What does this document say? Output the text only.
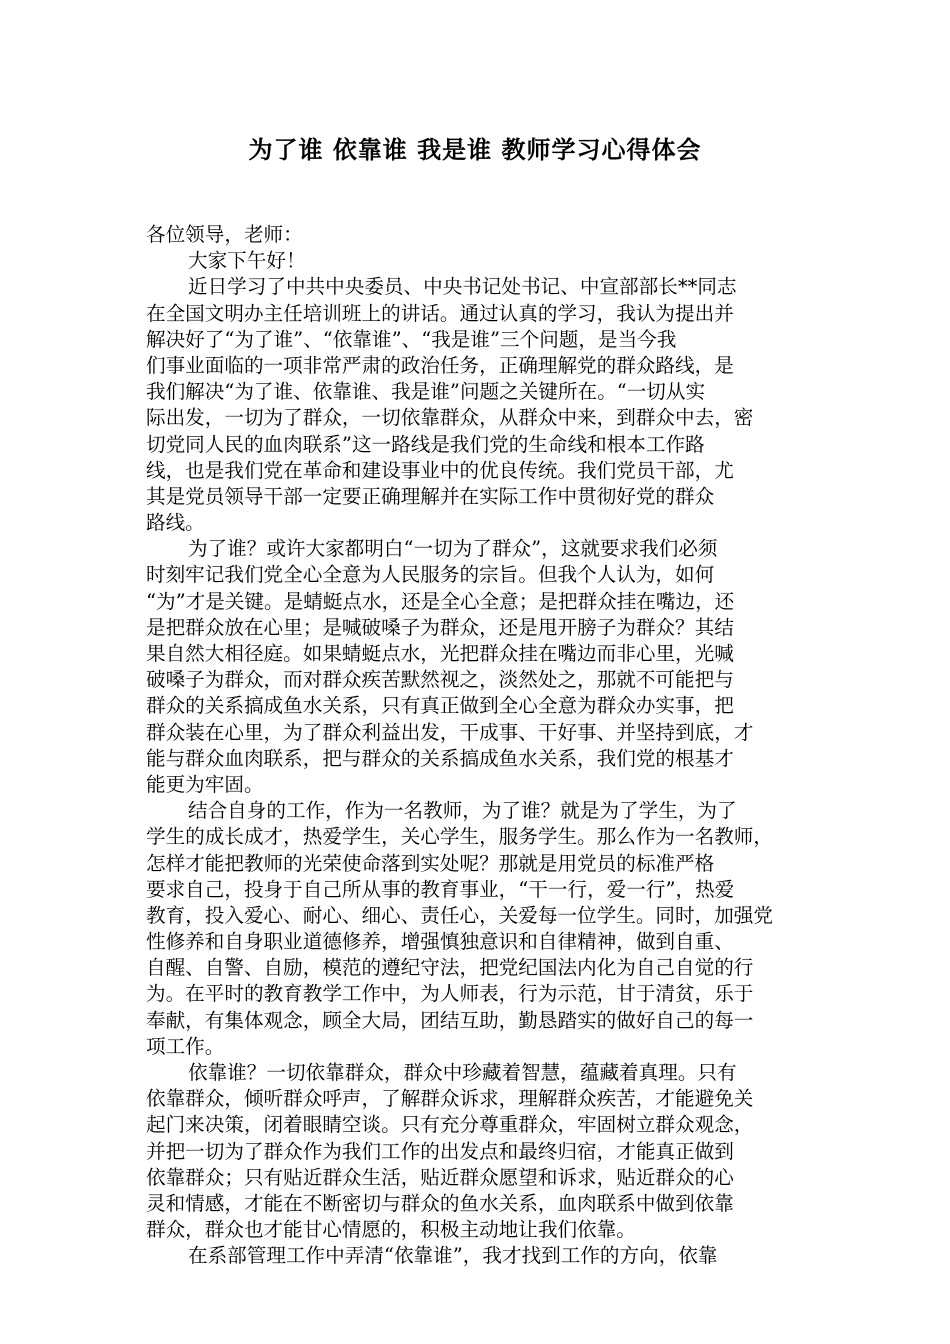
为了谁 依靠谁 我是谁 教师学习心得体会
各位领导，老师：
大家下午好！
近日学习了中共中央委员、中央书记处书记、中宣部部长**同志
在全国文明办主任培训班上的讲话。通过认真的学习，我认为提出并
解决好了“为了谁”、“依靠谁”、“我是谁”三个问题，是当今我
们事业面临的一项非常严肃的政治任务，正确理解党的群众路线，是
我们解决“为了谁、依靠谁、我是谁”问题之关键所在。“一切从实
际出发，一切为了群众，一切依靠群众，从群众中来，到群众中去，密
切党同人民的血肉联系”这一路线是我们党的生命线和根本工作路
线，也是我们党在革命和建设事业中的优良传统。我们党员干部，尤
其是党员领导干部一定要正确理解并在实际工作中贯彻好党的群众
路线。
为了谁？或许大家都明白“一切为了群众”，这就要求我们必须
时刻牢记我们党全心全意为人民服务的宗旨。但我个人认为，如何
“为”才是关键。是蜻蜓点水，还是全心全意；是把群众挂在嘴边，还
是把群众放在心里；是喊破嗓子为群众，还是甩开膀子为群众？其结
果自然大相径庭。如果蜻蜓点水，光把群众挂在嘴边而非心里，光喊
破嗓子为群众，而对群众疾苦默然视之，淡然处之，那就不可能把与
群众的关系搞成鱼水关系，只有真正做到全心全意为群众办实事，把
群众装在心里，为了群众利益出发，干成事、干好事、并坚持到底，才
能与群众血肉联系，把与群众的关系搞成鱼水关系，我们党的根基才
能更为牢固。
结合自身的工作，作为一名教师，为了谁？就是为了学生，为了
学生的成长成才，热爱学生，关心学生，服务学生。那么作为一名教师，
怎样才能把教师的光荣使命落到实处呢？那就是用党员的标准严格
要求自己，投身于自己所从事的教育事业，“干一行，爱一行”，热爱
教育，投入爱心、耐心、细心、责任心，关爱每一位学生。同时，加强党
性修养和自身职业道德修养，增强慎独意识和自律精神，做到自重、
自醒、自警、自励，模范的遵纪守法，把党纪国法内化为自己自觉的行
为。在平时的教育教学工作中，为人师表，行为示范，甘于清贫，乐于
奉献，有集体观念，顾全大局，团结互助，勤恳踏实的做好自己的每一
项工作。
依靠谁？一切依靠群众，群众中珍藏着智慧，蕴藏着真理。只有
依靠群众，倾听群众呼声，了解群众诉求，理解群众疾苦，才能避免关
起门来决策，闭着眼睛空谈。只有充分尊重群众，牢固树立群众观念，
并把一切为了群众作为我们工作的出发点和最终归宿，才能真正做到
依靠群众；只有贴近群众生活，贴近群众愿望和诉求，贴近群众的心
灵和情感，才能在不断密切与群众的鱼水关系，血肉联系中做到依靠
群众，群众也才能甘心情愿的，积极主动地让我们依靠。
在系部管理工作中弄清“依靠谁”，我才找到工作的方向，依靠
